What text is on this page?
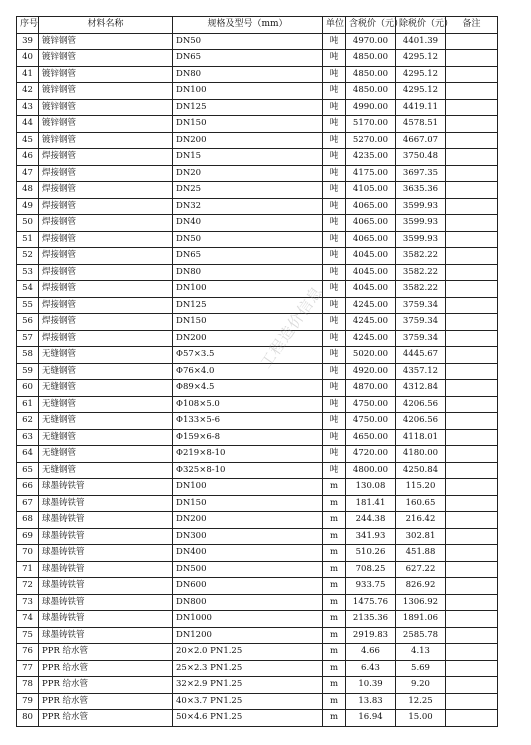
序号	材料名称	规格及型号（mm）	单位	含税价（元）	除税价（元）	备注
39	镀锌钢管	DN50	吨	4970.00	4401.39	
40	镀锌钢管	DN65	吨	4850.00	4295.12	
41	镀锌钢管	DN80	吨	4850.00	4295.12	
42	镀锌钢管	DN100	吨	4850.00	4295.12	
43	镀锌钢管	DN125	吨	4990.00	4419.11	
44	镀锌钢管	DN150	吨	5170.00	4578.51	
45	镀锌钢管	DN200	吨	5270.00	4667.07	
46	焊接钢管	DN15	吨	4235.00	3750.48	
47	焊接钢管	DN20	吨	4175.00	3697.35	
48	焊接钢管	DN25	吨	4105.00	3635.36	
49	焊接钢管	DN32	吨	4065.00	3599.93	
50	焊接钢管	DN40	吨	4065.00	3599.93	
51	焊接钢管	DN50	吨	4065.00	3599.93	
52	焊接钢管	DN65	吨	4045.00	3582.22	
53	焊接钢管	DN80	吨	4045.00	3582.22	
54	焊接钢管	DN100	吨	4045.00	3582.22	
55	焊接钢管	DN125	吨	4245.00	3759.34	
56	焊接钢管	DN150	吨	4245.00	3759.34	
57	焊接钢管	DN200	吨	4245.00	3759.34	
58	无缝钢管	Φ57×3.5	吨	5020.00	4445.67	
59	无缝钢管	Φ76×4.0	吨	4920.00	4357.12	
60	无缝钢管	Φ89×4.5	吨	4870.00	4312.84	
61	无缝钢管	Φ108×5.0	吨	4750.00	4206.56	
62	无缝钢管	Φ133×5-6	吨	4750.00	4206.56	
63	无缝钢管	Φ159×6-8	吨	4650.00	4118.01	
64	无缝钢管	Φ219×8-10	吨	4720.00	4180.00	
65	无缝钢管	Φ325×8-10	吨	4800.00	4250.84	
66	球墨铸铁管	DN100	m	130.08	115.20	
67	球墨铸铁管	DN150	m	181.41	160.65	
68	球墨铸铁管	DN200	m	244.38	216.42	
69	球墨铸铁管	DN300	m	341.93	302.81	
70	球墨铸铁管	DN400	m	510.26	451.88	
71	球墨铸铁管	DN500	m	708.25	627.22	
72	球墨铸铁管	DN600	m	933.75	826.92	
73	球墨铸铁管	DN800	m	1475.76	1306.92	
74	球墨铸铁管	DN1000	m	2135.36	1891.06	
75	球墨铸铁管	DN1200	m	2919.83	2585.78	
76	PPR 给水管	20×2.0 PN1.25	m	4.66	4.13	
77	PPR 给水管	25×2.3 PN1.25	m	6.43	5.69	
78	PPR 给水管	32×2.9 PN1.25	m	10.39	9.20	
79	PPR 给水管	40×3.7 PN1.25	m	13.83	12.25	
80	PPR 给水管	50×4.6 PN1.25	m	16.94	15.00	
工程造价信息
